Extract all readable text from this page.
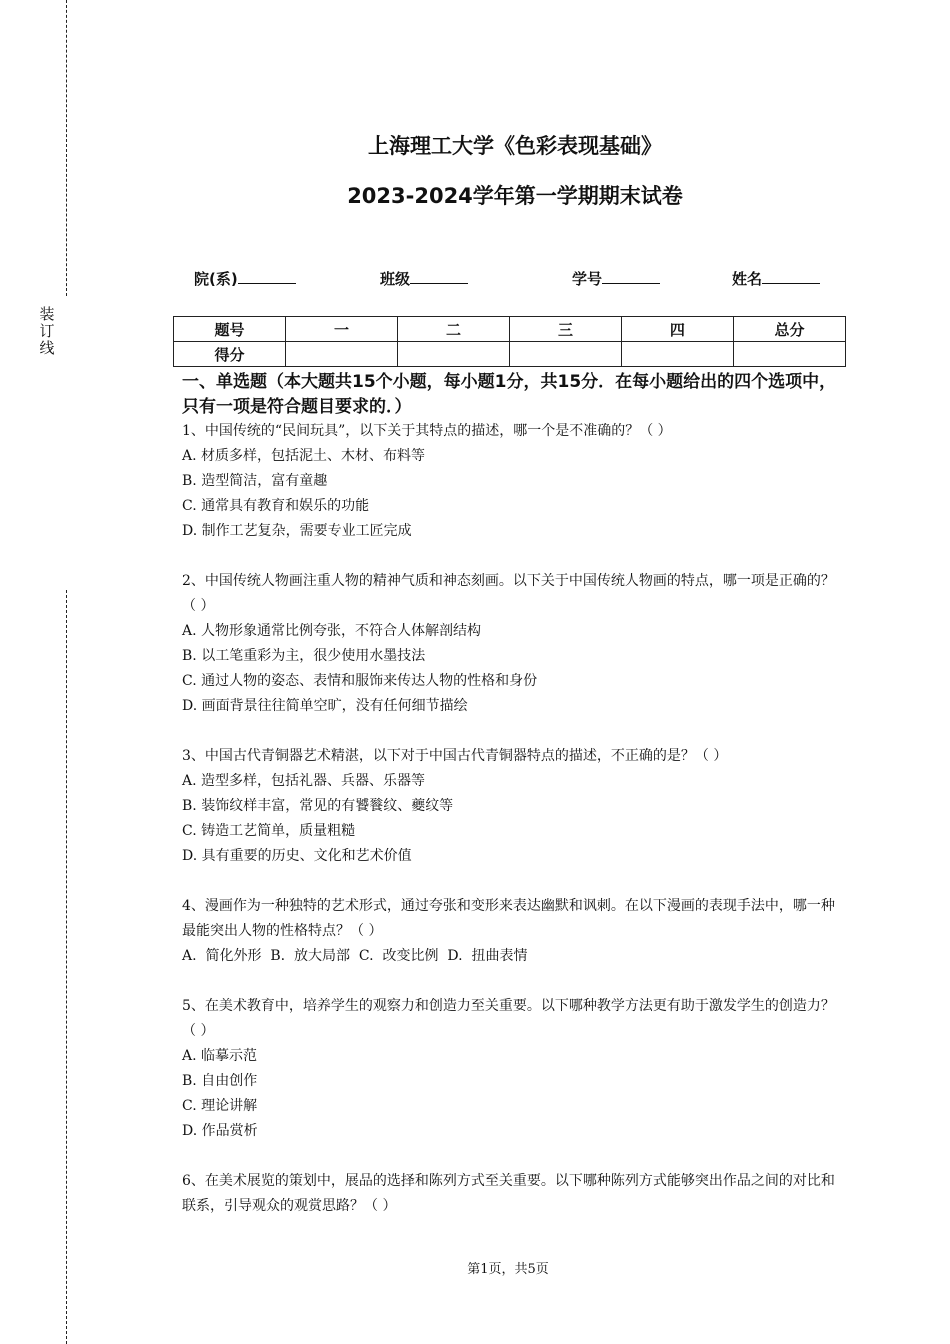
装
订
线
上海理工大学《色彩表现基础》
2023-2024学年第一学期期末试卷
院(系)	班级	学号	姓名
题号	一	二	三	四	总分
得分					
一、单选题（本大题共15个小题，每小题1分，共15分．在每小题给出的四个选项中，只有一项是符合题目要求的．）

1、中国传统的“民间玩具”，以下关于其特点的描述，哪一个是不准确的？（ ）

A. 材质多样，包括泥土、木材、布料等

B. 造型简洁，富有童趣

C. 通常具有教育和娱乐的功能

D. 制作工艺复杂，需要专业工匠完成

2、中国传统人物画注重人物的精神气质和神态刻画。以下关于中国传统人物画的特点，哪一项是正确的？（ ）

A. 人物形象通常比例夸张，不符合人体解剖结构

B. 以工笔重彩为主，很少使用水墨技法

C. 通过人物的姿态、表情和服饰来传达人物的性格和身份

D. 画面背景往往简单空旷，没有任何细节描绘

3、中国古代青铜器艺术精湛，以下对于中国古代青铜器特点的描述，不正确的是？（ ）

A. 造型多样，包括礼器、兵器、乐器等

B. 装饰纹样丰富，常见的有饕餮纹、夔纹等

C. 铸造工艺简单，质量粗糙

D. 具有重要的历史、文化和艺术价值

4、漫画作为一种独特的艺术形式，通过夸张和变形来表达幽默和讽刺。在以下漫画的表现手法中，哪一种最能突出人物的性格特点？（ ）

A.  简化外形  B.  放大局部  C.  改变比例  D.  扭曲表情

5、在美术教育中，培养学生的观察力和创造力至关重要。以下哪种教学方法更有助于激发学生的创造力？（ ）

A. 临摹示范

B. 自由创作

C. 理论讲解

D. 作品赏析

6、在美术展览的策划中，展品的选择和陈列方式至关重要。以下哪种陈列方式能够突出作品之间的对比和联系，引导观众的观赏思路？（ ）

第1页，共5页
